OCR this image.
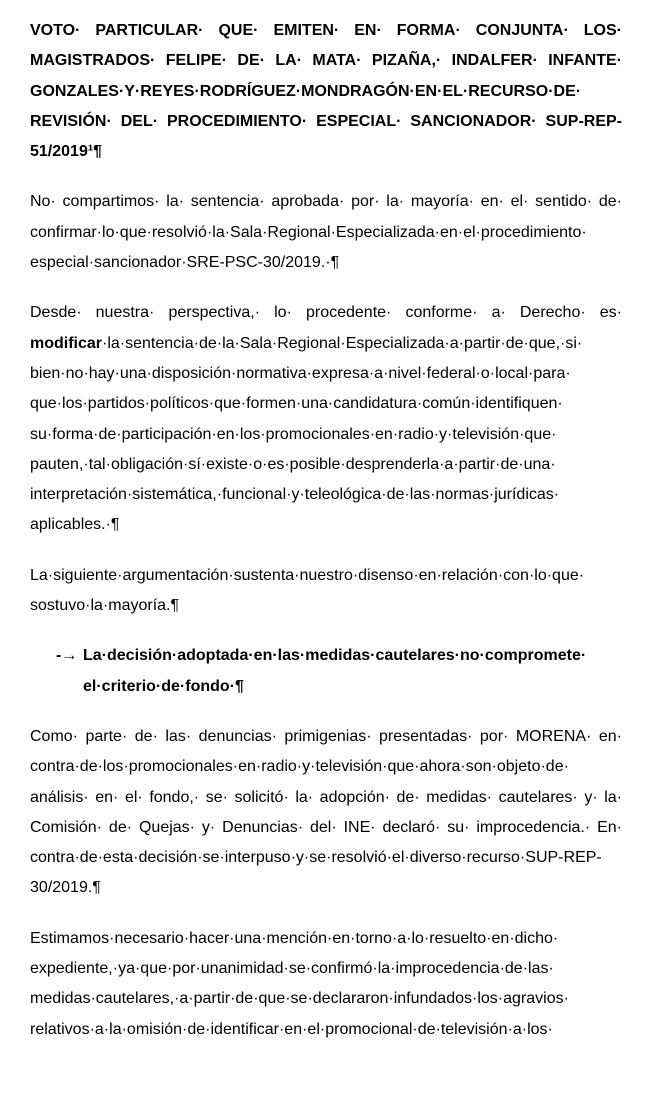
VOTO· PARTICULAR· QUE· EMITEN· EN· FORMA· CONJUNTA· LOS· MAGISTRADOS· FELIPE· DE· LA· MATA· PIZAÑA,· INDALFER· INFANTE· GONZALES·Y·REYES·RODRÍGUEZ·MONDRAGÓN·EN·EL·RECURSO·DE· REVISIÓN· DEL· PROCEDIMIENTO· ESPECIAL· SANCIONADOR· SUP-REP-51/2019¹¶

No· compartimos· la· sentencia· aprobada· por· la· mayoría· en· el· sentido· de· confirmar·lo·que·resolvió·la·Sala·Regional·Especializada·en·el·procedimiento· especial·sancionador·SRE-PSC-30/2019.·¶

Desde· nuestra· perspectiva,· lo· procedente· conforme· a· Derecho· es· modificar·la·sentencia·de·la·Sala·Regional·Especializada·a·partir·de·que,·si· bien·no·hay·una·disposición·normativa·expresa·a·nivel·federal·o·local·para· que·los·partidos·políticos·que·formen·una·candidatura·común·identifiquen· su·forma·de·participación·en·los·promocionales·en·radio·y·televisión·que· pauten,·tal·obligación·sí·existe·o·es·posible·desprenderla·a·partir·de·una· interpretación·sistemática,·funcional·y·teleológica·de·las·normas·jurídicas· aplicables.·¶

La·siguiente·argumentación·sustenta·nuestro·disenso·en·relación·con·lo·que· sostuvo·la·mayoría.¶

-→ La·decisión·adoptada·en·las·medidas·cautelares·no·compromete· el·criterio·de·fondo·¶

Como· parte· de· las· denuncias· primigenias· presentadas· por· MORENA· en· contra·de·los·promocionales·en·radio·y·televisión·que·ahora·son·objeto·de· análisis· en· el· fondo,· se· solicitó· la· adopción· de· medidas· cautelares· y· la· Comisión· de· Quejas· y· Denuncias· del· INE· declaró· su· improcedencia.· En· contra·de·esta·decisión·se·interpuso·y·se·resolvió·el·diverso·recurso·SUP-REP-30/2019.¶

Estimamos·necesario·hacer·una·mención·en·torno·a·lo·resuelto·en·dicho· expediente,·ya·que·por·unanimidad·se·confirmó·la·improcedencia·de·las· medidas·cautelares,·a·partir·de·que·se·declararon·infundados·los·agravios· relativos·a·la·omisión·de·identificar·en·el·promocional·de·televisión·a·los·
